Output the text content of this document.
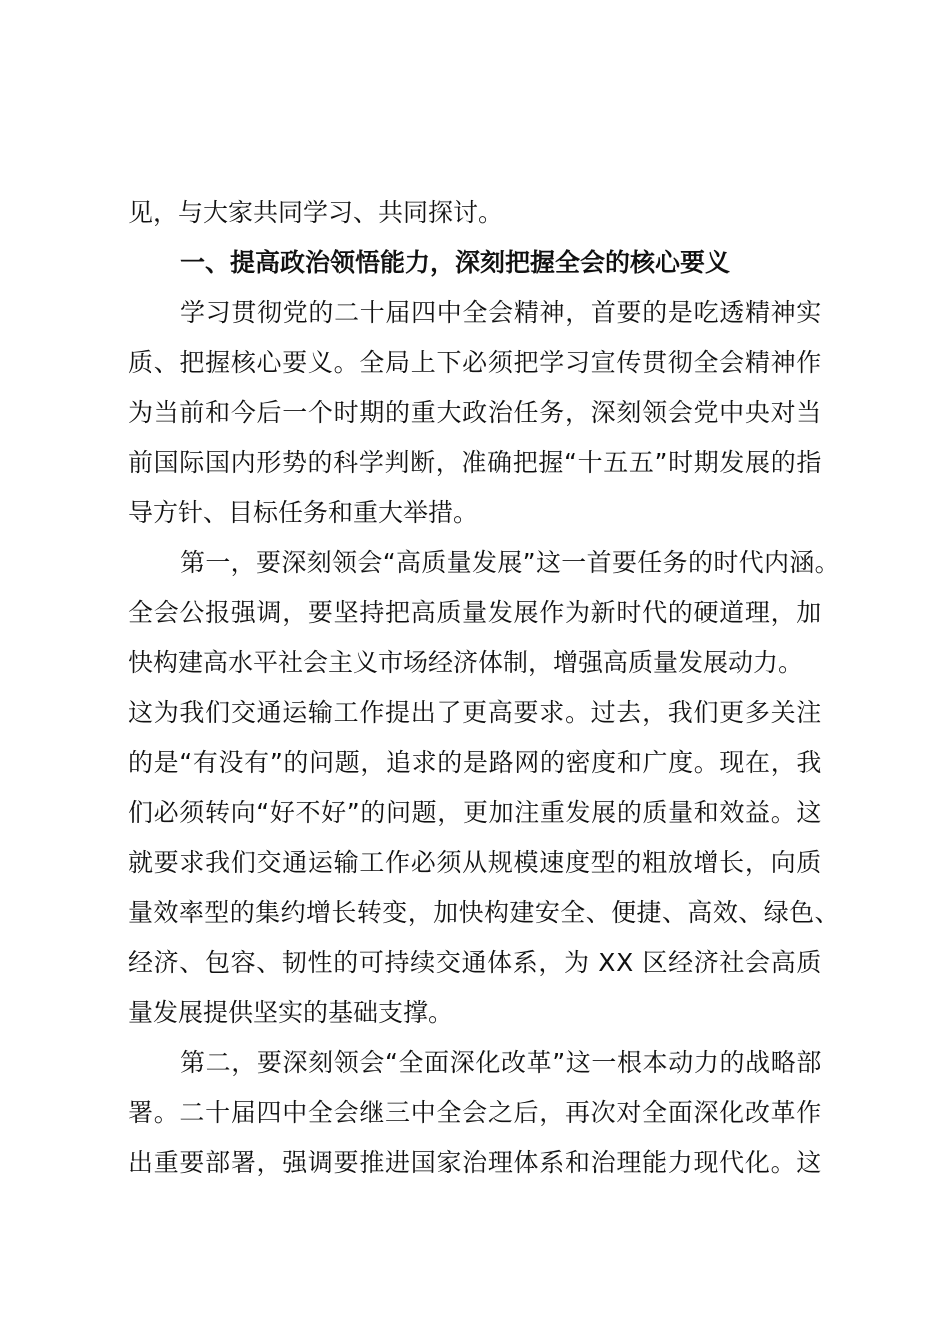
见，与大家共同学习、共同探讨。
一、提高政治领悟能力，深刻把握全会的核心要义
学习贯彻党的二十届四中全会精神，首要的是吃透精神实
质、把握核心要义。全局上下必须把学习宣传贯彻全会精神作
为当前和今后一个时期的重大政治任务，深刻领会党中央对当
前国际国内形势的科学判断，准确把握“十五五”时期发展的指
导方针、目标任务和重大举措。
第一，要深刻领会“高质量发展”这一首要任务的时代内涵。
全会公报强调，要坚持把高质量发展作为新时代的硬道理，加
快构建高水平社会主义市场经济体制，增强高质量发展动力。
这为我们交通运输工作提出了更高要求。过去，我们更多关注
的是“有没有”的问题，追求的是路网的密度和广度。现在，我
们必须转向“好不好”的问题，更加注重发展的质量和效益。这
就要求我们交通运输工作必须从规模速度型的粗放增长，向质
量效率型的集约增长转变，加快构建安全、便捷、高效、绿色、
经济、包容、韧性的可持续交通体系，为 XX 区经济社会高质
量发展提供坚实的基础支撑。
第二，要深刻领会“全面深化改革”这一根本动力的战略部
署。二十届四中全会继三中全会之后，再次对全面深化改革作
出重要部署，强调要推进国家治理体系和治理能力现代化。这
